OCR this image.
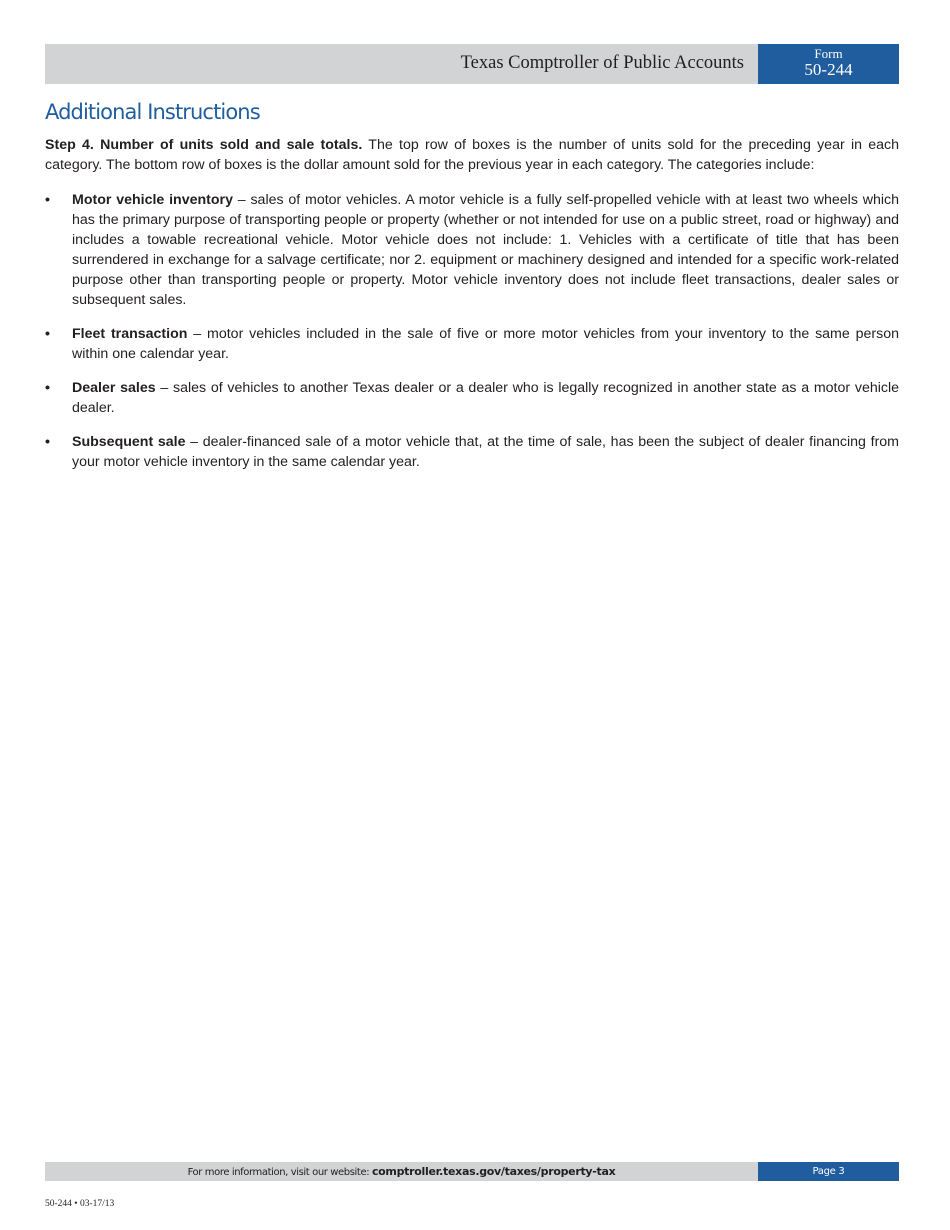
Texas Comptroller of Public Accounts	Form
50-244
Additional Instructions

Step 4. Number of units sold and sale totals. The top row of boxes is the number of units sold for the preceding year in each category. The bottom row of boxes is the dollar amount sold for the previous year in each category. The categories include:

• Motor vehicle inventory – sales of motor vehicles. A motor vehicle is a fully self-propelled vehicle with at least two wheels which has the primary purpose of transporting people or property (whether or not intended for use on a public street, road or highway) and includes a towable recreational vehicle. Motor vehicle does not include: 1. Vehicles with a certificate of title that has been surrendered in exchange for a salvage certificate; nor 2. equipment or machinery designed and intended for a specific work-related purpose other than transporting people or property. Motor vehicle inventory does not include fleet transactions, dealer sales or subsequent sales.
• Fleet transaction – motor vehicles included in the sale of five or more motor vehicles from your inventory to the same person within one calendar year.
• Dealer sales – sales of vehicles to another Texas dealer or a dealer who is legally recognized in another state as a motor vehicle dealer.
• Subsequent sale – dealer-financed sale of a motor vehicle that, at the time of sale, has been the subject of dealer financing from your motor vehicle inventory in the same calendar year.
For more information, visit our website: comptroller.texas.gov/taxes/property-tax	Page 3
50-244 • 03-17/13
